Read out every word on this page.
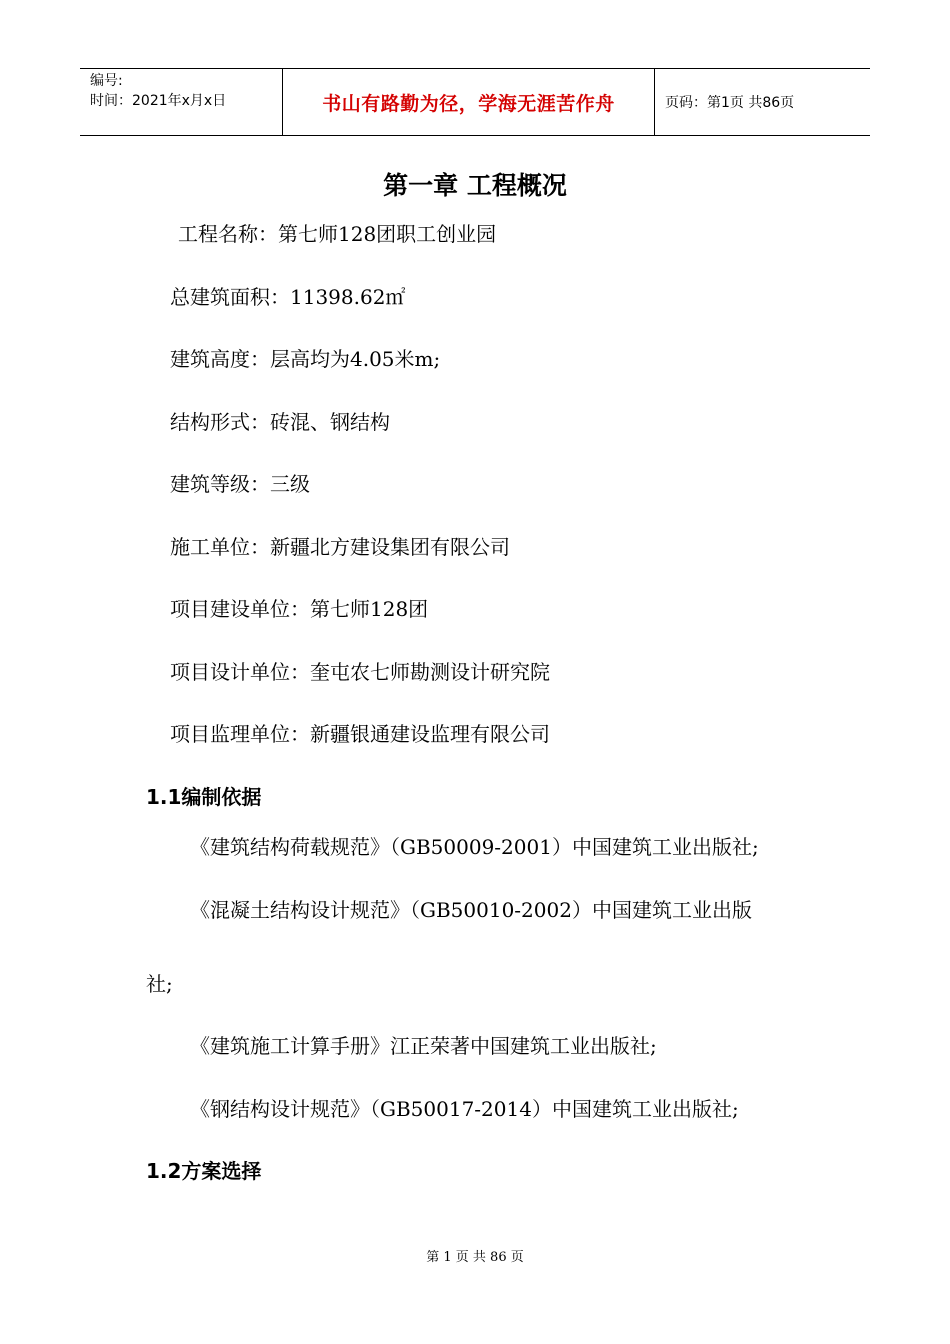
编号:
时间：2021年x月x日	书山有路勤为径，学海无涯苦作舟	页码：第1页 共86页
第一章 工程概况
工程名称：第七师128团职工创业园
总建筑面积：11398.62㎡
建筑高度：层高均为4.05米m;
结构形式：砖混、钢结构
建筑等级：三级
施工单位：新疆北方建设集团有限公司
项目建设单位：第七师128团
项目设计单位：奎屯农七师勘测设计研究院
项目监理单位：新疆银通建设监理有限公司
1.1编制依据
《建筑结构荷载规范》（GB50009-2001）中国建筑工业出版社;
《混凝土结构设计规范》（GB50010-2002）中国建筑工业出版
社;
《建筑施工计算手册》江正荣著中国建筑工业出版社;
《钢结构设计规范》（GB50017-2014）中国建筑工业出版社;
1.2方案选择
第 1 页 共 86 页
